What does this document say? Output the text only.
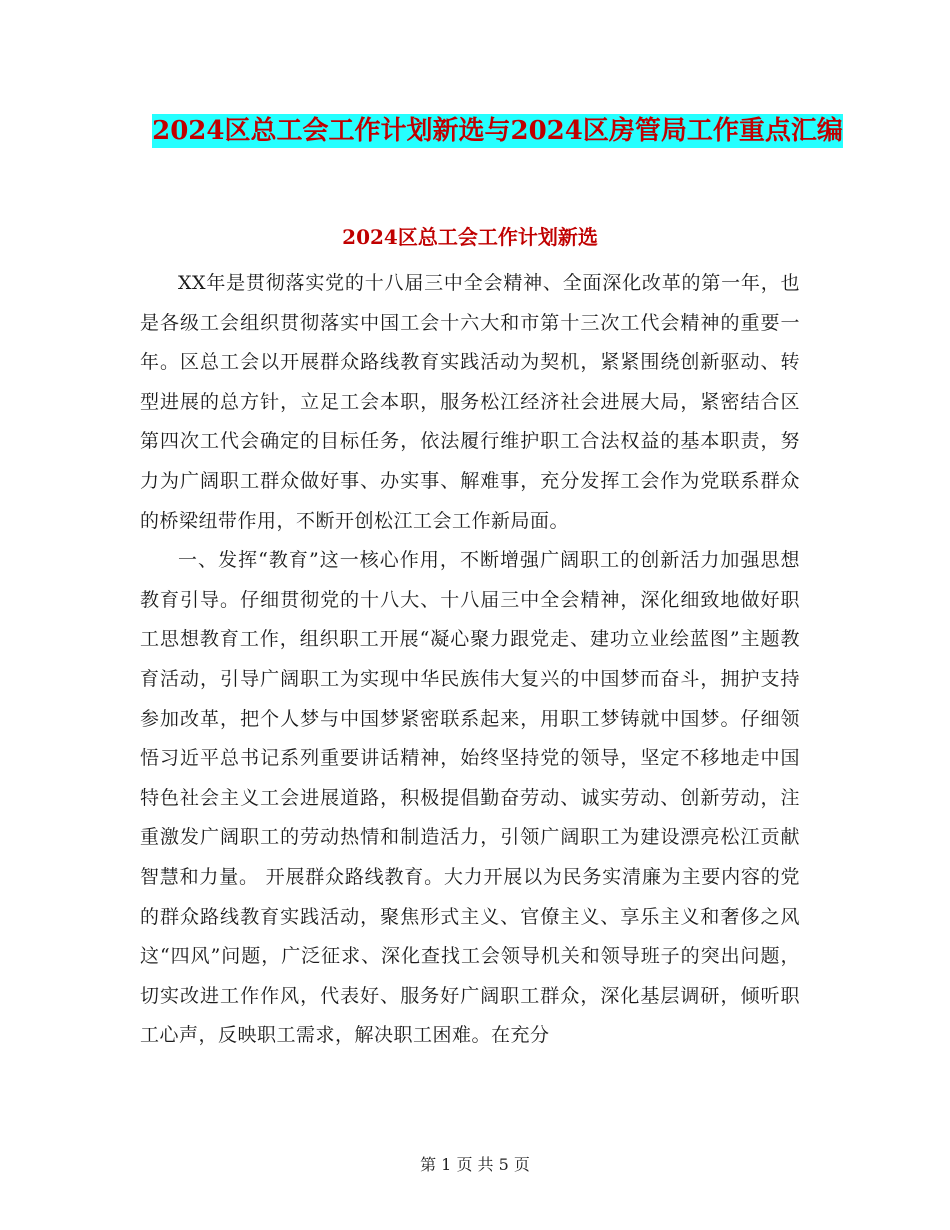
2024区总工会工作计划新选与2024区房管局工作重点汇编
2024区总工会工作计划新选

XX年是贯彻落实党的十八届三中全会精神、全面深化改革的第一年，也是各级工会组织贯彻落实中国工会十六大和市第十三次工代会精神的重要一年。区总工会以开展群众路线教育实践活动为契机，紧紧围绕创新驱动、转型进展的总方针，立足工会本职，服务松江经济社会进展大局，紧密结合区第四次工代会确定的目标任务，依法履行维护职工合法权益的基本职责，努力为广阔职工群众做好事、办实事、解难事，充分发挥工会作为党联系群众的桥梁纽带作用，不断开创松江工会工作新局面。

一、发挥“教育”这一核心作用，不断增强广阔职工的创新活力加强思想教育引导。仔细贯彻党的十八大、十八届三中全会精神，深化细致地做好职工思想教育工作，组织职工开展“凝心聚力跟党走、建功立业绘蓝图”主题教育活动，引导广阔职工为实现中华民族伟大复兴的中国梦而奋斗，拥护支持参加改革，把个人梦与中国梦紧密联系起来，用职工梦铸就中国梦。仔细领悟习近平总书记系列重要讲话精神，始终坚持党的领导，坚定不移地走中国特色社会主义工会进展道路，积极提倡勤奋劳动、诚实劳动、创新劳动，注重激发广阔职工的劳动热情和制造活力，引领广阔职工为建设漂亮松江贡献智慧和力量。 开展群众路线教育。大力开展以为民务实清廉为主要内容的党的群众路线教育实践活动，聚焦形式主义、官僚主义、享乐主义和奢侈之风这“四风”问题，广泛征求、深化查找工会领导机关和领导班子的突出问题，切实改进工作作风，代表好、服务好广阔职工群众，深化基层调研，倾听职工心声，反映职工需求，解决职工困难。在充分

第 1 页 共 5 页
